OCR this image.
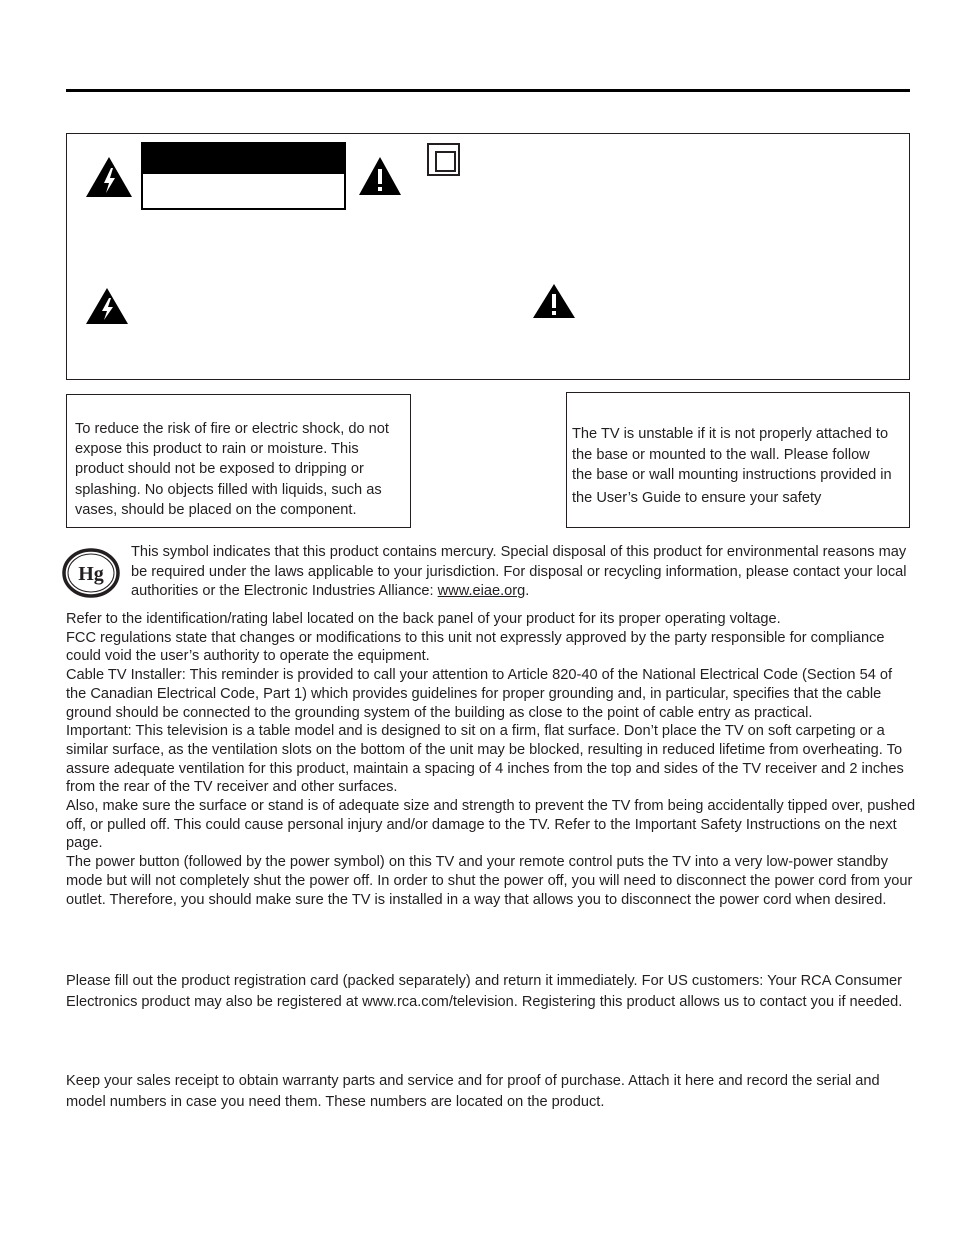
To reduce the risk of fire or electric shock, do not expose this product to rain or moisture. This product should not be exposed to dripping or splashing. No objects filled with liquids, such as vases, should be placed on the component.
The TV is unstable if it is not properly attached to
the base or mounted to the wall. Please follow
the base or wall mounting instructions provided in
the User’s Guide to ensure your safety
Hg
This symbol indicates that this product contains mercury. Special disposal of this product for environmental reasons may be required under the laws applicable to your jurisdiction. For disposal or recycling information, please contact your local authorities or the Electronic Industries Alliance: www.eiae.org.

Refer to the identification/rating label located on the back panel of your product for its proper operating voltage.

FCC regulations state that changes or modifications to this unit not expressly approved by the party responsible for compliance could void the user’s authority to operate the equipment.

Cable TV Installer: This reminder is provided to call your attention to Article 820-40 of the National Electrical Code (Section 54 of the Canadian Electrical Code, Part 1) which provides guidelines for proper grounding and, in particular, specifies that the cable ground should be connected to the grounding system of the building as close to the point of cable entry as practical.

Important: This television is a table model and is designed to sit on a firm, flat surface. Don’t place the TV on soft carpeting or a similar surface, as the ventilation slots on the bottom of the unit may be blocked, resulting in reduced lifetime from overheating. To assure adequate ventilation for this product, maintain a spacing of 4 inches from the top and sides of the TV receiver and 2 inches from the rear of the TV receiver and other surfaces.

Also, make sure the surface or stand is of adequate size and strength to prevent the TV from being accidentally tipped over, pushed off, or pulled off. This could cause personal injury and/or damage to the TV. Refer to the Important Safety Instructions on the next page.

The power button (followed by the power symbol) on this TV and your remote control puts the TV into a very low-power standby mode but will not completely shut the power off. In order to shut the power off, you will need to disconnect the power cord from your outlet. Therefore, you should make sure the TV is installed in a way that allows you to disconnect the power cord when desired.

Please fill out the product registration card (packed separately) and return it immediately. For US customers: Your RCA Consumer Electronics product may also be registered at www.rca.com/television. Registering this product allows us to contact you if needed.

Keep your sales receipt to obtain warranty parts and service and for proof of purchase. Attach it here and record the serial and model numbers in case you need them. These numbers are located on the product.
